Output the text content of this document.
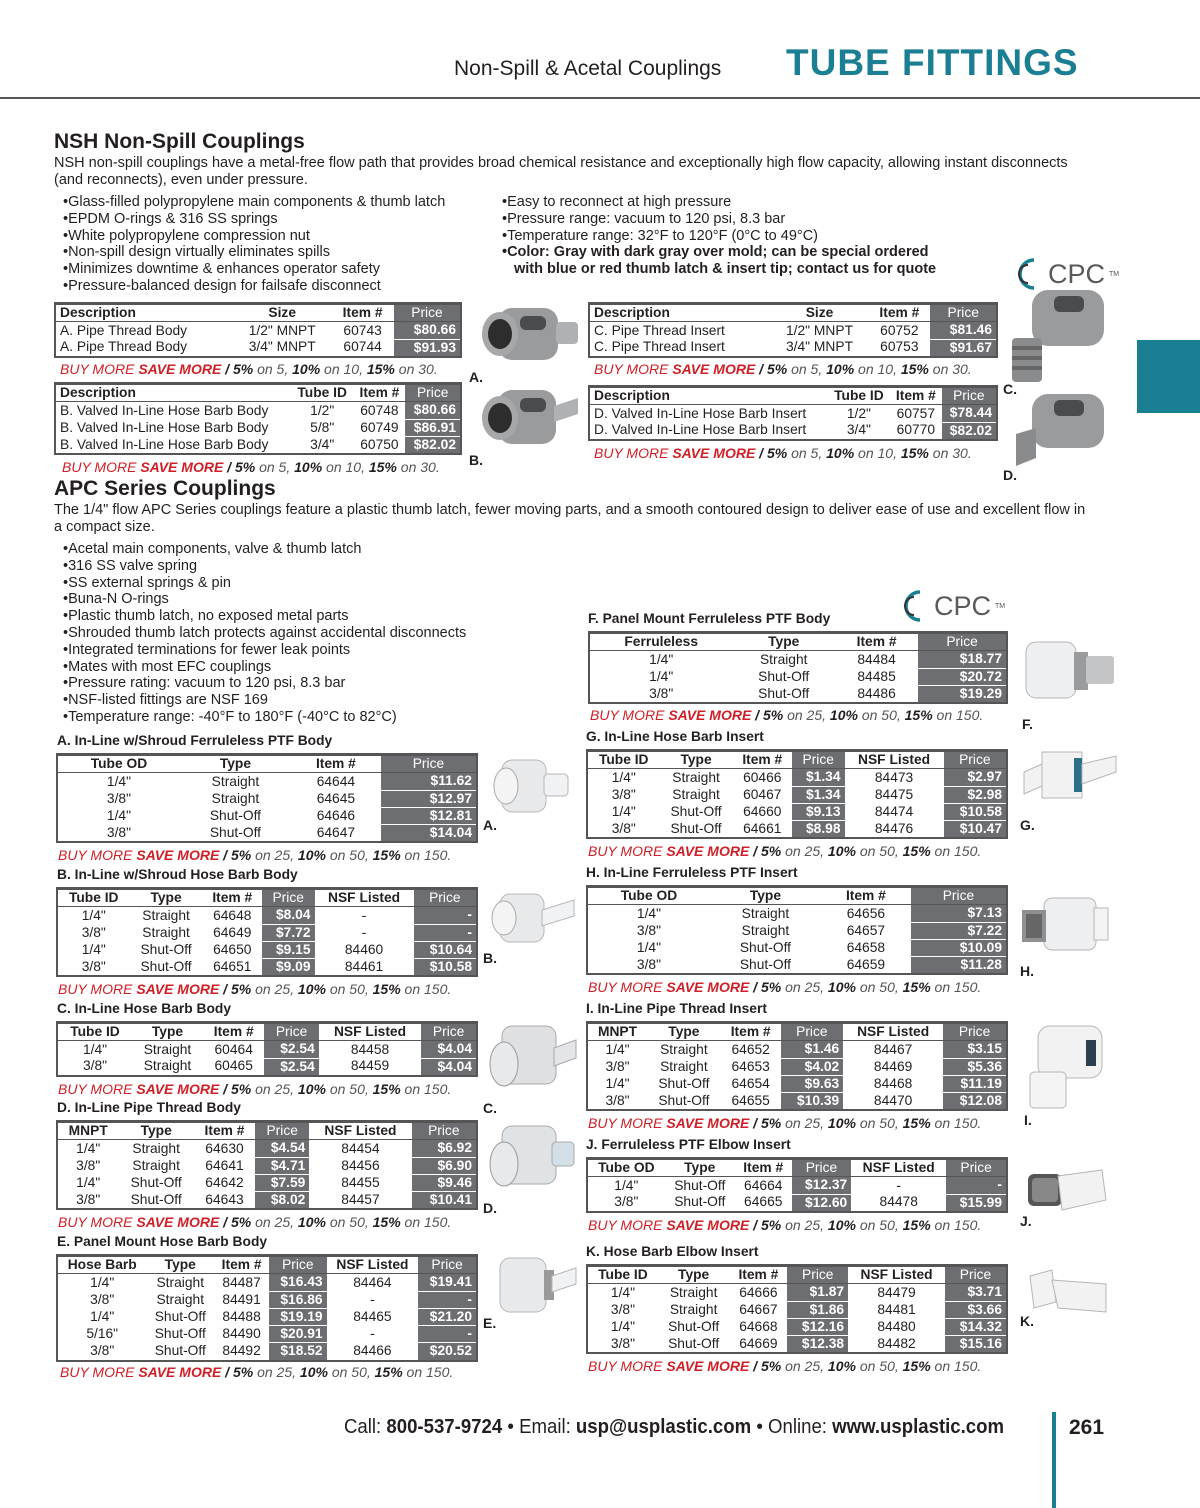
Non-Spill & Acetal Couplings TUBE FITTINGS
NSH Non-Spill Couplings
NSH non-spill couplings have a metal-free flow path that provides broad chemical resistance and exceptionally high flow capacity, allowing instant disconnects (and reconnects), even under pressure.
• Glass-filled polypropylene main components & thumb latch
• EPDM O-rings & 316 SS springs
• White polypropylene compression nut
• Non-spill design virtually eliminates spills
• Minimizes downtime & enhances operator safety
• Pressure-balanced design for failsafe disconnect
• Easy to reconnect at high pressure
• Pressure range: vacuum to 120 psi, 8.3 bar
• Temperature range: 32°F to 120°F (0°C to 49°C)
• Color: Gray with dark gray over mold; can be special ordered
with blue or red thumb latch & insert tip; contact us for quote	CPC TM
Description	Size	Item #	Price
A. Pipe Thread Body	1/2" MNPT	60743	$80.66
A. Pipe Thread Body	3/4" MNPT	60744	$91.93
Description	Tube ID	Item #	Price
B. Valved In-Line Hose Barb Body	1/2"	60748	$80.66
B. Valved In-Line Hose Barb Body	5/8"	60749	$86.91
B. Valved In-Line Hose Barb Body	3/4"	60750	$82.02
Description	Size	Item #	Price
C. Pipe Thread Insert	1/2" MNPT	60752	$81.46
C. Pipe Thread Insert	3/4" MNPT	60753	$91.67
Description	Tube ID	Item #	Price
D. Valved In-Line Hose Barb Insert	1/2"	60757	$78.44
D. Valved In-Line Hose Barb Insert	3/4"	60770	$82.02
BUY MORE SAVE MORE / 5% on 5, 10% on 10, 15% on 30.
BUY MORE SAVE MORE / 5% on 5, 10% on 10, 15% on 30.
BUY MORE SAVE MORE / 5% on 5, 10% on 10, 15% on 30.
BUY MORE SAVE MORE / 5% on 5, 10% on 10, 15% on 30.
A.
B.
C.
D.
APC Series Couplings
The 1/4" flow APC Series couplings feature a plastic thumb latch, fewer moving parts, and a smooth contoured design to deliver ease of use and excellent flow in a compact size.
• Acetal main components, valve & thumb latch
• 316 SS valve spring
• SS external springs & pin
• Buna-N O-rings
• Plastic thumb latch, no exposed metal parts
• Shrouded thumb latch protects against accidental disconnects
• Integrated terminations for fewer leak points
• Mates with most EFC couplings
• Pressure rating: vacuum to 120 psi, 8.3 bar
• NSF-listed fittings are NSF 169
• Temperature range: -40°F to 180°F (-40°C to 82°C)
CPC TM
A. In-Line w/Shroud Ferruleless PTF Body
Tube OD	Type	Item #	Price
1/4"	Straight	64644	$11.62
3/8"	Straight	64645	$12.97
1/4"	Shut-Off	64646	$12.81
3/8"	Shut-Off	64647	$14.04
BUY MORE SAVE MORE / 5% on 25, 10% on 50, 15% on 150.
B. In-Line w/Shroud Hose Barb Body
Tube ID	Type	Item #	Price	NSF Listed	Price
1/4"	Straight	64648	$8.04	-	-
3/8"	Straight	64649	$7.72	-	-
1/4"	Shut-Off	64650	$9.15	84460	$10.64
3/8"	Shut-Off	64651	$9.09	84461	$10.58
BUY MORE SAVE MORE / 5% on 25, 10% on 50, 15% on 150.
C. In-Line Hose Barb Body
Tube ID	Type	Item #	Price	NSF Listed	Price
1/4"	Straight	60464	$2.54	84458	$4.04
3/8"	Straight	60465	$2.54	84459	$4.04
BUY MORE SAVE MORE / 5% on 25, 10% on 50, 15% on 150.
D. In-Line Pipe Thread Body
MNPT	Type	Item #	Price	NSF Listed	Price
1/4"	Straight	64630	$4.54	84454	$6.92
3/8"	Straight	64641	$4.71	84456	$6.90
1/4"	Shut-Off	64642	$7.59	84455	$9.46
3/8"	Shut-Off	64643	$8.02	84457	$10.41
BUY MORE SAVE MORE / 5% on 25, 10% on 50, 15% on 150.
E. Panel Mount Hose Barb Body
Hose Barb	Type	Item #	Price	NSF Listed	Price
1/4"	Straight	84487	$16.43	84464	$19.41
3/8"	Straight	84491	$16.86	-	-
1/4"	Shut-Off	84488	$19.19	84465	$21.20
5/16"	Shut-Off	84490	$20.91	-	-
3/8"	Shut-Off	84492	$18.52	84466	$20.52
BUY MORE SAVE MORE / 5% on 25, 10% on 50, 15% on 150.
F. Panel Mount Ferruleless PTF Body
Ferruleless	Type	Item #	Price
1/4"	Straight	84484	$18.77
1/4"	Shut-Off	84485	$20.72
3/8"	Shut-Off	84486	$19.29
BUY MORE SAVE MORE / 5% on 25, 10% on 50, 15% on 150.
G. In-Line Hose Barb Insert
Tube ID	Type	Item #	Price	NSF Listed	Price
1/4"	Straight	60466	$1.34	84473	$2.97
3/8"	Straight	60467	$1.34	84475	$2.98
1/4"	Shut-Off	64660	$9.13	84474	$10.58
3/8"	Shut-Off	64661	$8.98	84476	$10.47
BUY MORE SAVE MORE / 5% on 25, 10% on 50, 15% on 150.
H. In-Line Ferruleless PTF Insert
Tube OD	Type	Item #	Price
1/4"	Straight	64656	$7.13
3/8"	Straight	64657	$7.22
1/4"	Shut-Off	64658	$10.09
3/8"	Shut-Off	64659	$11.28
BUY MORE SAVE MORE / 5% on 25, 10% on 50, 15% on 150.
I. In-Line Pipe Thread Insert
MNPT	Type	Item #	Price	NSF Listed	Price
1/4"	Straight	64652	$1.46	84467	$3.15
3/8"	Straight	64653	$4.02	84469	$5.36
1/4"	Shut-Off	64654	$9.63	84468	$11.19
3/8"	Shut-Off	64655	$10.39	84470	$12.08
BUY MORE SAVE MORE / 5% on 25, 10% on 50, 15% on 150.
J. Ferruleless PTF Elbow Insert
Tube OD	Type	Item #	Price	NSF Listed	Price
1/4"	Shut-Off	64664	$12.37	-	-
3/8"	Shut-Off	64665	$12.60	84478	$15.99
BUY MORE SAVE MORE / 5% on 25, 10% on 50, 15% on 150.
K. Hose Barb Elbow Insert
Tube ID	Type	Item #	Price	NSF Listed	Price
1/4"	Straight	64666	$1.87	84479	$3.71
3/8"	Straight	64667	$1.86	84481	$3.66
1/4"	Shut-Off	64668	$12.16	84480	$14.32
3/8"	Shut-Off	64669	$12.38	84482	$15.16
BUY MORE SAVE MORE / 5% on 25, 10% on 50, 15% on 150.
A.
B.
C.
D.
E.
F.
G.
H.
I.
J.
K.
Call: 800-537-9724 • Email: usp@usplastic.com • Online: www.usplastic.com	261
